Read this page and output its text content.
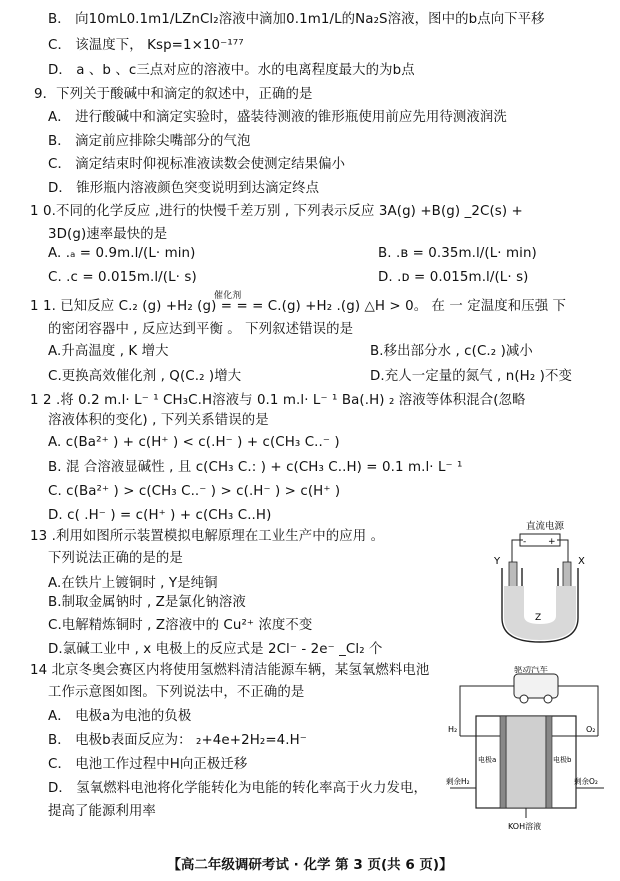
B． 向10mL0.1m1/LZnCl₂溶液中滴加0.1m1/L的Na₂S溶液，图中的b点向下平移
C． 该温度下， Ksp=1×10⁻¹⁷⁷
D． a 、b 、c三点对应的溶液中。水的电离程度最大的为b点
9．下列关于酸碱中和滴定的叙述中，正确的是
A． 进行酸碱中和滴定实验时，盛装待测液的锥形瓶使用前应先用待测液润洗
B． 滴定前应排除尖嘴部分的气泡
C． 滴定结束时仰视标准液读数会使测定结果偏小
D． 锥形瓶内溶液颜色突变说明到达滴定终点
1 0.不同的化学反应 ,进行的快慢千差万别 , 下列表示反应 3A(g) +B(g) _2C(s) +
3D(g)速率最快的是
A. .ₐ = 0.9m.l/(L· min)	B. .ʙ = 0.35m.l/(L· min)
C. .ᴄ = 0.015m.l/(L· s)	D. .ᴅ = 0.015m.l/(L· s)
催化剂
1 1. 已知反应 C.₂ (g) +H₂ (g) = = = C.(g) +H₂ .(g) △H > 0。 在 一 定温度和压强 下
的密闭容器中 , 反应达到平衡 。 下列叙述错误的是
A.升高温度 , K 增大	B.移出部分水 , c(C.₂ )减小
C.更换高效催化剂 , Q(C.₂ )增大	D.充人一定量的氮气 , n(H₂ )不变
1 2 .将 0.2 m.l· L⁻ ¹ CH₃C.H溶液与 0.1 m.l· L⁻ ¹ Ba(.H) ₂ 溶液等体积混合(忽略
溶液体积的变化) , 下列关系错误的是
A. c(Ba²⁺ ) + c(H⁺ ) < c(.H⁻ ) + c(CH₃ C..⁻ )
B. 混 合溶液显碱性 , 且 c(CH₃ C.: ) + c(CH₃ C..H) = 0.1 m.l· L⁻ ¹
C. c(Ba²⁺ ) > c(CH₃ C..⁻ ) > c(.H⁻ ) > c(H⁺ )
D. c( .H⁻ ) = c(H⁺ ) + c(CH₃ C..H)
13 .利用如图所示装置模拟电解原理在工业生产中的应用 。
下列说法正确的是的是
A.在铁片上镀铜时 , Y是纯铜
B.制取金属钠时 , Z是氯化钠溶液
C.电解精炼铜时 , Z溶液中的 Cu²⁺ 浓度不变
D.氯碱工业中 , x 电极上的反应式是 2Cl⁻ - 2e⁻ _Cl₂ 个
14 北京冬奥会赛区内将使用氢燃料清洁能源车辆，某氢氧燃料电池
工作示意图如图。下列说法中，不正确的是
A． 电极a为电池的负极
B． 电极b表面反应为： ₂+4e+2H₂=4.H⁻
C． 电池工作过程中H向正极迁移
D． 氢氧燃料电池将化学能转化为电能的转化率高于火力发电，
提高了能源利用率
直流电源
- +
Y	X
Z
驱动汽车
电极a	电极b
H₂	O₂
剩余H₂	剩余O₂
KOH溶液
【高二年级调研考试 · 化学 第 3 页(共 6 页)】
